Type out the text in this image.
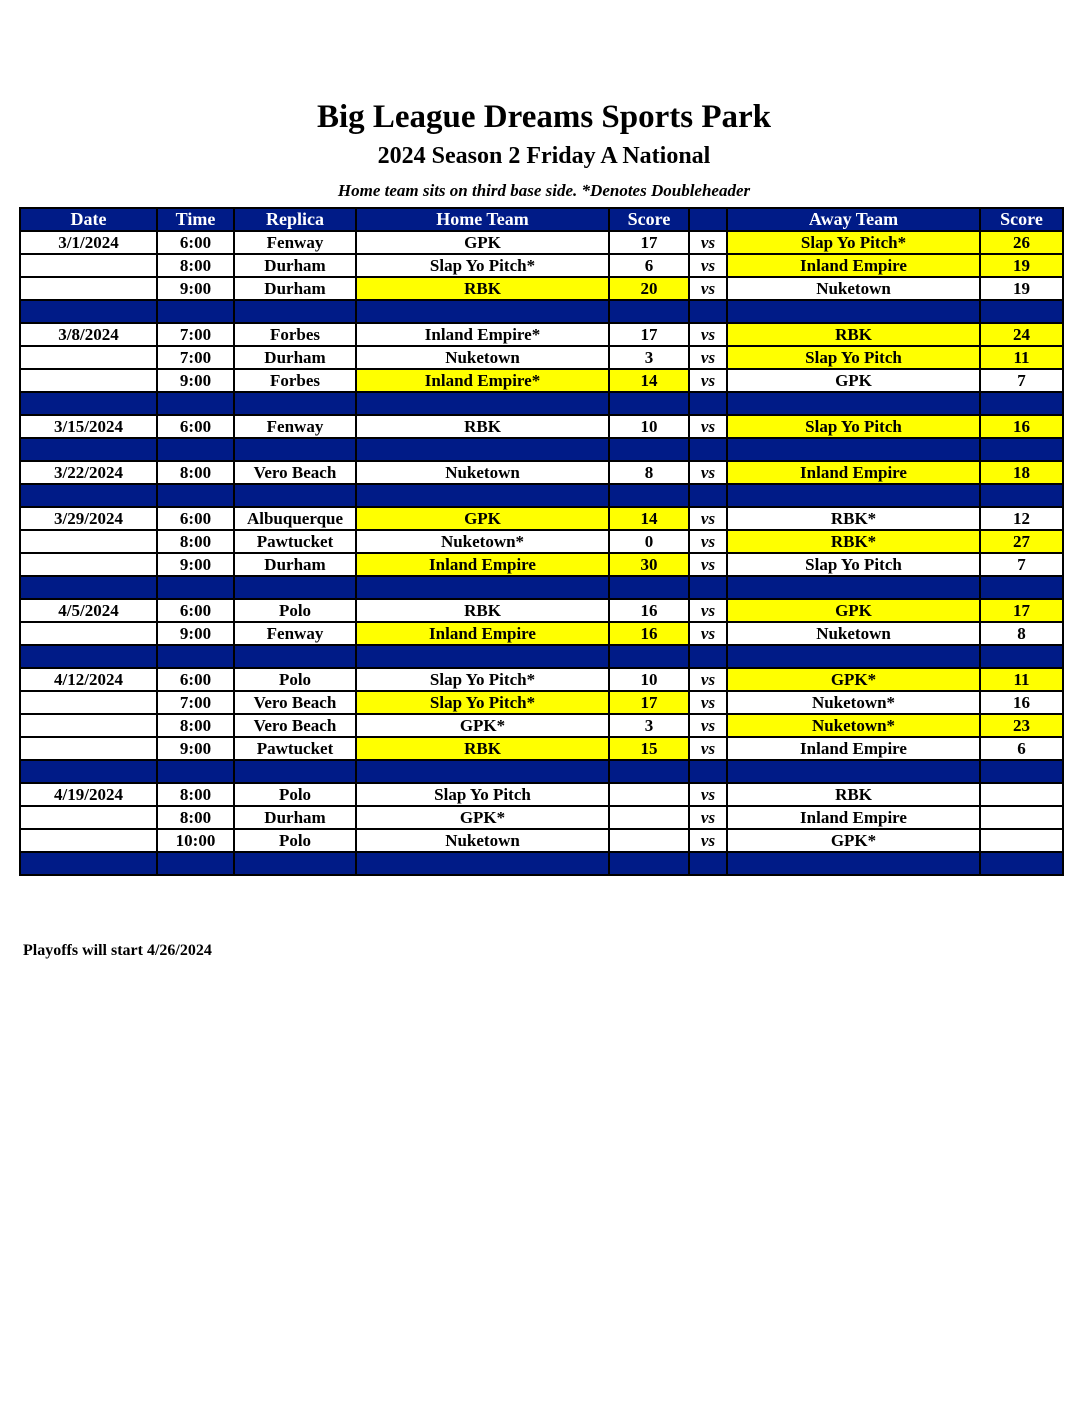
Big League Dreams Sports Park
2024 Season 2 Friday A National
Home team sits on third base side. *Denotes Doubleheader
Date	Time	Replica	Home Team	Score		Away Team	Score
3/1/2024	6:00	Fenway	GPK	17	vs	Slap Yo Pitch*	26
	8:00	Durham	Slap Yo Pitch*	6	vs	Inland Empire	19
	9:00	Durham	RBK	20	vs	Nuketown	19

3/8/2024	7:00	Forbes	Inland Empire*	17	vs	RBK	24
	7:00	Durham	Nuketown	3	vs	Slap Yo Pitch	11
	9:00	Forbes	Inland Empire*	14	vs	GPK	7

3/15/2024	6:00	Fenway	RBK	10	vs	Slap Yo Pitch	16

3/22/2024	8:00	Vero Beach	Nuketown	8	vs	Inland Empire	18

3/29/2024	6:00	Albuquerque	GPK	14	vs	RBK*	12
	8:00	Pawtucket	Nuketown*	0	vs	RBK*	27
	9:00	Durham	Inland Empire	30	vs	Slap Yo Pitch	7

4/5/2024	6:00	Polo	RBK	16	vs	GPK	17
	9:00	Fenway	Inland Empire	16	vs	Nuketown	8

4/12/2024	6:00	Polo	Slap Yo Pitch*	10	vs	GPK*	11
	7:00	Vero Beach	Slap Yo Pitch*	17	vs	Nuketown*	16
	8:00	Vero Beach	GPK*	3	vs	Nuketown*	23
	9:00	Pawtucket	RBK	15	vs	Inland Empire	6

4/19/2024	8:00	Polo	Slap Yo Pitch		vs	RBK	
	8:00	Durham	GPK*		vs	Inland Empire	
	10:00	Polo	Nuketown		vs	GPK*	

Playoffs will start 4/26/2024
